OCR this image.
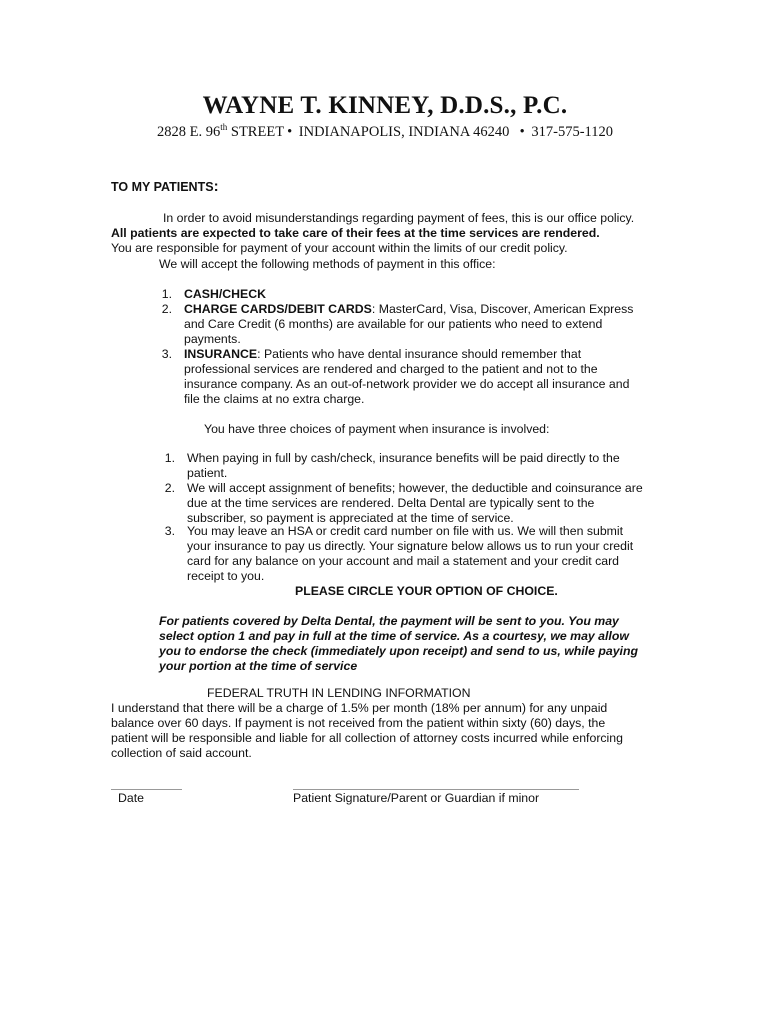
WAYNE T. KINNEY, D.D.S., P.C.
2828 E. 96th STREET • INDIANAPOLIS, INDIANA 46240 • 317-575-1120
TO MY PATIENTS:
In order to avoid misunderstandings regarding payment of fees, this is our office policy.
All patients are expected to take care of their fees at the time services are rendered.
You are responsible for payment of your account within the limits of our credit policy.
We will accept the following methods of payment in this office:
1. CASH/CHECK
2. CHARGE CARDS/DEBIT CARDS: MasterCard, Visa, Discover, American Express
and Care Credit (6 months) are available for our patients who need to extend
payments.
3. INSURANCE: Patients who have dental insurance should remember that
professional services are rendered and charged to the patient and not to the
insurance company. As an out-of-network provider we do accept all insurance and
file the claims at no extra charge.
You have three choices of payment when insurance is involved:
1. When paying in full by cash/check, insurance benefits will be paid directly to the
patient.
2. We will accept assignment of benefits; however, the deductible and coinsurance are
due at the time services are rendered. Delta Dental are typically sent to the
subscriber, so payment is appreciated at the time of service.
3. You may leave an HSA or credit card number on file with us. We will then submit
your insurance to pay us directly. Your signature below allows us to run your credit
card for any balance on your account and mail a statement and your credit card
receipt to you.
PLEASE CIRCLE YOUR OPTION OF CHOICE.
For patients covered by Delta Dental, the payment will be sent to you. You may
select option 1 and pay in full at the time of service. As a courtesy, we may allow
you to endorse the check (immediately upon receipt) and send to us, while paying
your portion at the time of service
FEDERAL TRUTH IN LENDING INFORMATION
I understand that there will be a charge of 1.5% per month (18% per annum) for any unpaid
balance over 60 days. If payment is not received from the patient within sixty (60) days, the
patient will be responsible and liable for all collection of attorney costs incurred while enforcing
collection of said account.
Date	Patient Signature/Parent or Guardian if minor
